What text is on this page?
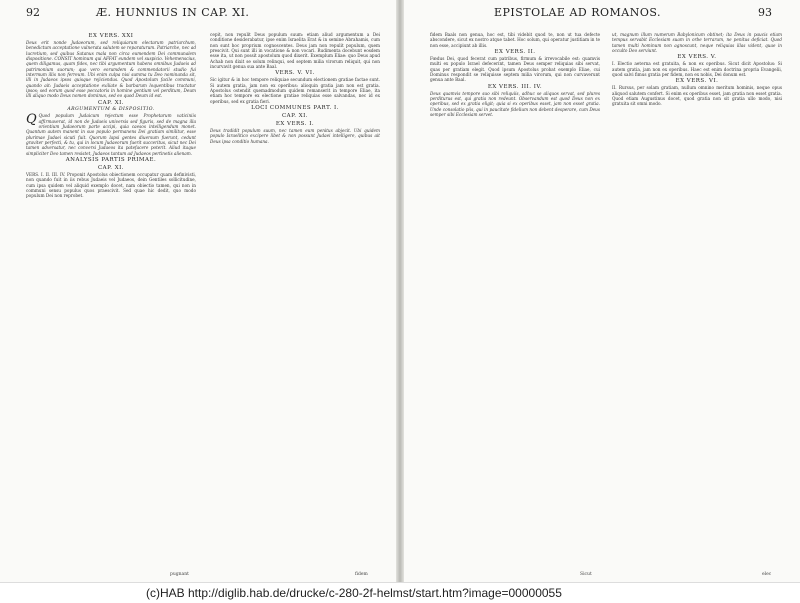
92	Æ. HUNNIUS IN CAP. XI.
EX VERS. XXI

Deus erit nonde Judaeorum, sed reliquiarum electarum patriarchum, benedictum acceptatione vulnerata salutem se reparaturum. Patriarche, nec ad lucretium, sed quibus Satanus mala non circa eumendem Dei communalem dispositione. CONSIT hominum qui AFFAT eundem vel suspicio. Vehemenscius, quem diligamus, quam fides, nec tibi argumentum habens omnibus Judaeis ad patrimonium suorum; quo vero eorumdem & commendatorii studio fui intermum illis non ferreum. Ubi enim culpa nisi summa tu Deo nominanda sit, illi in Judaeos ipsos quisque rejiciendus. Quod Apostolum facile communi, quando ait: Judaeis acceptatione exiliate & barbarum loquentibus tractatur ipsos; sed eorum quod esse peccatoris in homine gentium vel perditum, Deum illi aliquo modo Deus nomen dominus, sed eo quod Deum id est.

CAP. XI.
ARGUMENTUM & DISPOSITIO.

Q Quod populum Judaicum rejectum esse Prophetarum vaticiniis affirmaverat, id non de Judaeis universis sed figuris, sed de magna illa orientium Judaeorum parte accipi, quia caesos intelligendum monet. Quantum autem manent in suo populo permanens Dei gratiam similitur, esse plurimae Judaei sicuti fuit. Quorum lapsi gentes diuersum fuerunt, cedunt graviter perfecti, & tu, qui in locum Judaeorum fuerit succeritus, sicut nec Dei tamen adversatur, nec conversi Judaeos ita patefacere poterit. Aliud itaque simpliciter Deo tamen resistet, Judaeos tantum ad Judaeos pertinetis alienam.

ANALYSIS PARTIS PRIMAE.
CAP. XI.

VERS. I. II. III. IV. Proponit Apostolus obiectionem occupatur quam definivisti, non quando fuit in iis rebus Judaeis vel Judaeos, dein Gentiles sollicitudine, cum ipsa quidem vel aliquid exemplo docet, nam obiectio tamen, qui non in communi sensu populus quos praescivit. Sed quae hic dedit, quo modo populum Dei non reprobet.

pugnant

cepit, non repulit Deus populum suum: etiam aliud argumentum a Dei conditione desiderabatur, ipse enim Israelita Erat & in semine Abrahamis, cum non sunt hoc proprium cognoscentes. Deus jam non repulit populum, quem prescivit. Qui sunt illi in vocatione & non vocari. Rudimenta docebunt eosdem esse ita, ut non possit apostolum quod dixerit. Exemplum Eliae: quo Deus apud Achab non dixit se solum relinqui, sed septem milia virorum reliquit, qui non incurvavit genua sua ante Baal.

VERS. V. VI.

Sic igitur & in hoc tempore reliquiae secundum electionem gratiae factae sunt. Si autem gratia, jam non ex operibus: alioquin gratia jam non est gratia. Apostolus ostendit quemadmodum quidem remanserit in tempore Eliae, ita etiam hoc tempore ex electione gratiae reliquias esse salvandas, nec id ex operibus, sed ex gratia fieri.

LOCI COMMUNES PART. I.
CAP. XI.
EX VERS. I.

Deus tradidit populum suum, nec tamen eum penitus abjecit. Ubi quidem populo Israelitico excipere libet & non possunt Judaei intelligere, quibus ait Deus ipsa conditio humana.

fidem
EPISTOLAE AD ROMANOS.	93

fidem Baals non genua, hoc est, tibi videbit quod te, non ut tua defecte abscondere, sicut ex nostro atque tabet. Hoc solum, qui operatur justitiam in te non esse, accipiunt ab illis.

EX VERS. II.

Fœdus Dei, quod fecerat cum patribus, firmum & irrevocabile est: quamvis multi ex populo Israel defecerint, tamen Deus semper reliquias sibi servat, quas per gratiam elegit. Quod ipsum Apostolus probat exemplo Eliae, cui Dominus respondit se reliquisse septem milia virorum, qui non curvaverunt genua ante Baal.

EX VERS. III. IV.

Deus quamvis tempore suo sibi reliquiis, adhuc se aliquos servat, sed plures perditurus est, qui gratia non redeunt. Observandum est quod Deus non ex operibus, sed ex gratia eligit; quia si ex operibus esset, jam non esset gratia. Unde consolatio piis, qui in paucitate fidelium non debent desperare, cum Deus semper sibi Ecclesiam servet.

Sicut

ut, magnum illum numerum Babylonicum obtinet; ita Deus in paucis etiam tempus servabit Ecclesiam suam in orbe terrarum, ne penitus deficiat. Quod tamen multi hominum non agnoscunt, neque reliquias illas vident, quae in occulto Deo serviunt.

EX VERS. V.

I. Electio aeterna est gratuita, & non ex operibus. Sicut dicit Apostolus: Si autem gratia, jam non ex operibus. Haec est enim doctrina propria Evangelii, quod salvi fimus gratia per fidem, non ex nobis, Dei donum est.

EX VERS. VI.

II. Rursus, per solam gratiam, nullum omnino meritum hominis, neque opus aliquod salutem confert. Si enim ex operibus esset, jam gratia non esset gratia. Quod etiam Augustinus docet, quod gratia non sit gratia ullo modo, nisi gratuita sit omni modo.

elec
(c)HAB http://diglib.hab.de/drucke/c-280-2f-helmst/start.htm?image=00000055
